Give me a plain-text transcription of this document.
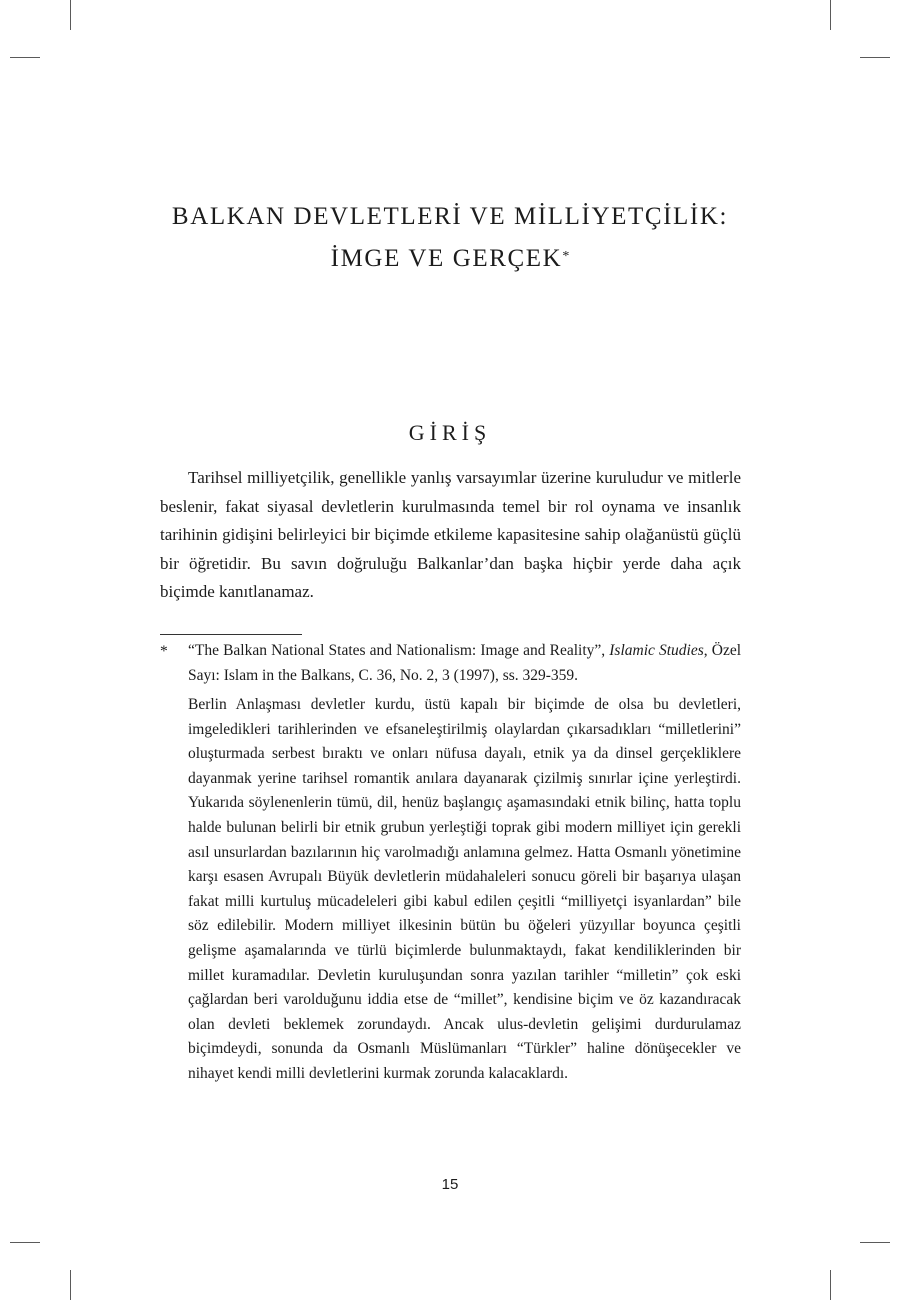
BALKAN DEVLETLERİ VE MİLLİYETÇİLİK:
İMGE VE GERÇEK*
GİRİŞ

Tarihsel milliyetçilik, genellikle yanlış varsayımlar üzerine kuruludur ve mitlerle beslenir, fakat siyasal devletlerin kurulmasında temel bir rol oynama ve insanlık tarihinin gidişini belirleyici bir biçimde etkileme kapasitesine sahip olağanüstü güçlü bir öğretidir. Bu savın doğruluğu Balkanlar’dan başka hiçbir yerde daha açık biçimde kanıtlanamaz.

* “The Balkan National States and Nationalism: Image and Reality”, Islamic Studies, Özel Sayı: Islam in the Balkans, C. 36, No. 2, 3 (1997), ss. 329-359.

Berlin Anlaşması devletler kurdu, üstü kapalı bir biçimde de olsa bu devletleri, imgeledikleri tarihlerinden ve efsaneleştirilmiş olaylardan çıkarsadıkları “milletlerini” oluşturmada serbest bıraktı ve onları nüfusa dayalı, etnik ya da dinsel gerçekliklere dayanmak yerine tarihsel romantik anılara dayanarak çizilmiş sınırlar içine yerleştirdi. Yukarıda söylenenlerin tümü, dil, henüz başlangıç aşamasındaki etnik bilinç, hatta toplu halde bulunan belirli bir etnik grubun yerleştiği toprak gibi modern milliyet için gerekli asıl unsurlardan bazılarının hiç varolmadığı anlamına gelmez. Hatta Osmanlı yönetimine karşı esasen Avrupalı Büyük devletlerin müdahaleleri sonucu göreli bir başarıya ulaşan fakat milli kurtuluş mücadeleleri gibi kabul edilen çeşitli “milliyetçi isyanlardan” bile söz edilebilir. Modern milliyet ilkesinin bütün bu öğeleri yüzyıllar boyunca çeşitli gelişme aşamalarında ve türlü biçimlerde bulunmaktaydı, fakat kendiliklerinden bir millet kuramadılar. Devletin kuruluşundan sonra yazılan tarihler “milletin” çok eski çağlardan beri varolduğunu iddia etse de “millet”, kendisine biçim ve öz kazandıracak olan devleti beklemek zorundaydı. Ancak ulus-devletin gelişimi durdurulamaz biçimdeydi, sonunda da Osmanlı Müslümanları “Türkler” haline dönüşecekler ve nihayet kendi milli devletlerini kurmak zorunda kalacaklardı.

15
